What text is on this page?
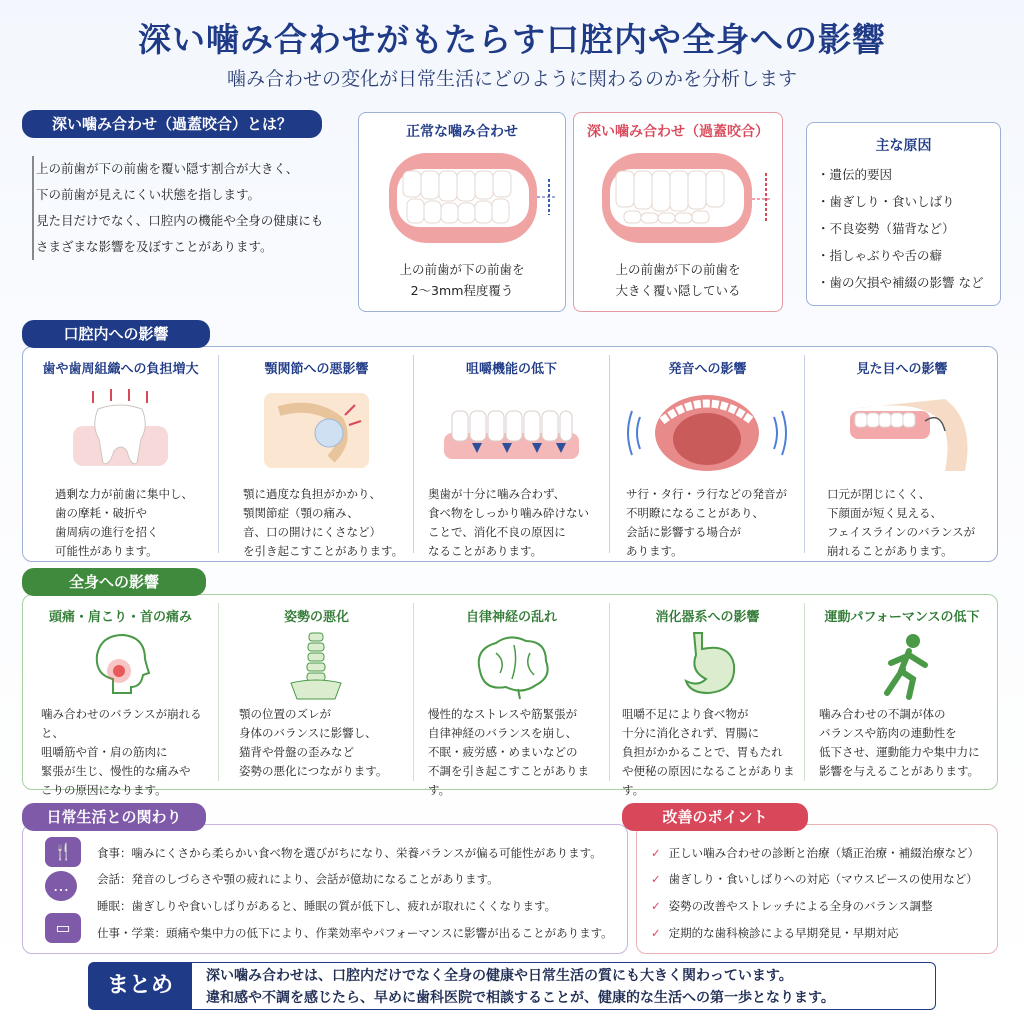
深い噛み合わせがもたらす口腔内や全身への影響
噛み合わせの変化が日常生活にどのように関わるのかを分析します
深い噛み合わせ（過蓋咬合）とは？
上の前歯が下の前歯を覆い隠す割合が大きく、
下の前歯が見えにくい状態を指します。
見た目だけでなく、口腔内の機能や全身の健康にも
さまざまな影響を及ぼすことがあります。
正常な噛み合わせ
上の前歯が下の前歯を
2〜3mm程度覆う
深い噛み合わせ（過蓋咬合）
上の前歯が下の前歯を
大きく覆い隠している
主な原因
・遺伝的要因
・歯ぎしり・食いしばり
・不良姿勢（猫背など）
・指しゃぶりや舌の癖
・歯の欠損や補綴の影響 など
口腔内への影響
歯や歯周組織への負担増大
過剰な力が前歯に集中し、
歯の摩耗・破折や
歯周病の進行を招く
可能性があります。
顎関節への悪影響
顎に過度な負担がかかり、
顎関節症（顎の痛み、
音、口の開けにくさなど）
を引き起こすことがあります。
咀嚼機能の低下
奥歯が十分に噛み合わず、
食べ物をしっかり噛み砕けない
ことで、消化不良の原因に
なることがあります。
発音への影響
サ行・タ行・ラ行などの発音が
不明瞭になることがあり、
会話に影響する場合が
あります。
見た目への影響
口元が閉じにくく、
下顔面が短く見える、
フェイスラインのバランスが
崩れることがあります。
全身への影響
頭痛・肩こり・首の痛み
噛み合わせのバランスが崩れると、
咀嚼筋や首・肩の筋肉に
緊張が生じ、慢性的な痛みや
こりの原因になります。
姿勢の悪化
顎の位置のズレが
身体のバランスに影響し、
猫背や骨盤の歪みなど
姿勢の悪化につながります。
自律神経の乱れ
慢性的なストレスや筋緊張が
自律神経のバランスを崩し、
不眠・疲労感・めまいなどの
不調を引き起こすことがあります。
消化器系への影響
咀嚼不足により食べ物が
十分に消化されず、胃腸に
負担がかかることで、胃もたれ
や便秘の原因になることがあります。
運動パフォーマンスの低下
噛み合わせの不調が体の
バランスや筋肉の連動性を
低下させ、運動能力や集中力に
影響を与えることがあります。
日常生活との関わり
🍴
…
▭
食事：噛みにくさから柔らかい食べ物を選びがちになり、栄養バランスが偏る可能性があります。
会話：発音のしづらさや顎の疲れにより、会話が億劫になることがあります。
睡眠：歯ぎしりや食いしばりがあると、睡眠の質が低下し、疲れが取れにくくなります。
仕事・学業：頭痛や集中力の低下により、作業効率やパフォーマンスに影響が出ることがあります。
改善のポイント
✓ 正しい噛み合わせの診断と治療（矯正治療・補綴治療など）
✓ 歯ぎしり・食いしばりへの対応（マウスピースの使用など）
✓ 姿勢の改善やストレッチによる全身のバランス調整
✓ 定期的な歯科検診による早期発見・早期対応
まとめ	深い噛み合わせは、口腔内だけでなく全身の健康や日常生活の質にも大きく関わっています。
違和感や不調を感じたら、早めに歯科医院で相談することが、健康的な生活への第一歩となります。
